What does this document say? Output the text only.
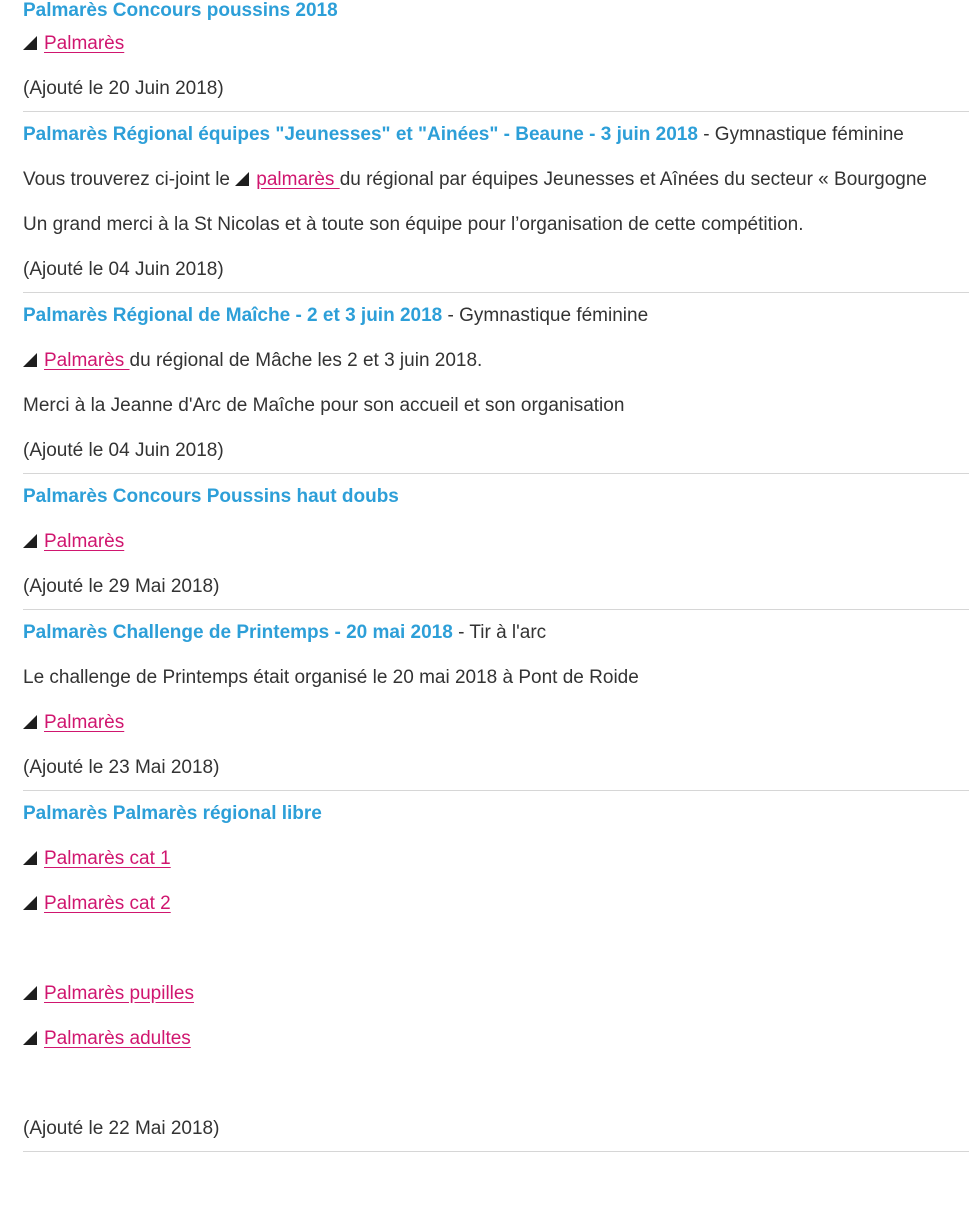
Palmarès Concours poussins 2018
Palmarès
(Ajouté le 20 Juin 2018)
Palmarès Régional équipes "Jeunesses" et "Ainées" - Beaune - 3 juin 2018 - Gymnastique féminine
Vous trouverez ci-joint le palmarès du régional par équipes Jeunesses et Aînées du secteur « Bourgogne
Un grand merci à la St Nicolas et à toute son équipe pour l’organisation de cette compétition.
(Ajouté le 04 Juin 2018)
Palmarès Régional de Maîche - 2 et 3 juin 2018 - Gymnastique féminine
Palmarès du régional de Mâche les 2 et 3 juin 2018.
Merci à la Jeanne d'Arc de Maîche pour son accueil et son organisation
(Ajouté le 04 Juin 2018)
Palmarès Concours Poussins haut doubs
Palmarès
(Ajouté le 29 Mai 2018)
Palmarès Challenge de Printemps - 20 mai 2018 - Tir à l'arc
Le challenge de Printemps était organisé le 20 mai 2018 à Pont de Roide
Palmarès
(Ajouté le 23 Mai 2018)
Palmarès Palmarès régional libre
Palmarès cat 1
Palmarès cat 2
Palmarès pupilles
Palmarès adultes
(Ajouté le 22 Mai 2018)
